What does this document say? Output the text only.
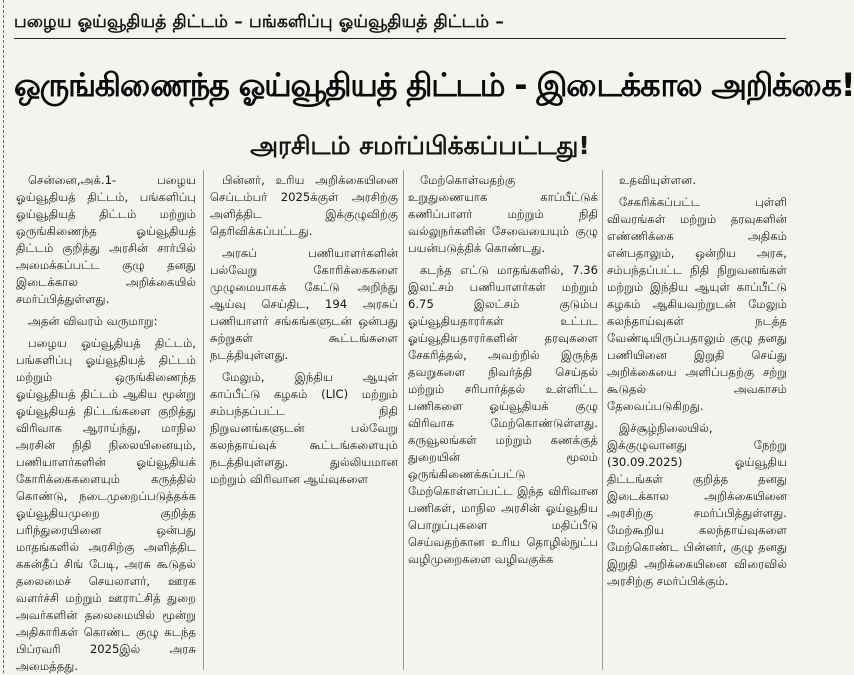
பழைய ஓய்வூதியத் திட்டம் – பங்களிப்பு ஓய்வூதியத் திட்டம் –
ஒருங்கிணைந்த ஓய்வூதியத் திட்டம் - இடைக்கால அறிக்கை!
அரசிடம் சமர்ப்பிக்கப்பட்டது!

சென்னை,அக்.1- பழைய ஓய்வூதியத் திட்டம், பங்களிப்பு ஓய்வூதியத் திட்டம் மற்றும் ஒருங்கிணைந்த ஓய்வூதியத் திட்டம் குறித்து அரசின் சார்பில் அமைக்கப்பட்ட குழு தனது இடைக்கால அறிக்கையில் சமர்ப்பித்துள்ளது.

அதன் விவரம் வருமாறு:

பழைய ஓய்வூதியத் திட்டம், பங்களிப்பு ஓய்வூதியத் திட்டம் மற்றும் ஒருங்கிணைந்த ஓய்வூதியத் திட்டம் ஆகிய மூன்று ஓய்வூதியத் திட்டங்களை குறித்து விரிவாக ஆராய்ந்து, மாநில அரசின் நிதி நிலையினையும், பணியாளர்களின் ஓய்வூதியக் கோரிக்கைகளையும் கருத்தில் கொண்டு, நடைமுறைப்படுத்தக்க ஓய்வூதியமுறை குறித்த பரிந்துரையினை ஒன்பது மாதங்களில் அரசிற்கு அளித்திட ககன்தீப் சிங் பேடி, அரசு கூடுதல் தலைமைச் செயலாளர், ஊரக வளர்ச்சி மற்றும் ஊராட்சித் துறை அவர்களின் தலைமையில் மூன்று அதிகாரிகள் கொண்ட குழு கடந்த பிப்ரவரி 2025இல் அரசு அமைத்தது.

பின்னர், உரிய அறிக்கையினை செப்டம்பர் 2025க்குள் அரசிற்கு அளித்திட இக்குழுவிற்கு தெரிவிக்கப்பட்டது.

அரசுப் பணியாளர்களின் பல்வேறு கோரிக்கைகளை முழுமையாகக் கேட்டு அறிந்து ஆய்வு செய்திட, 194 அரசுப் பணியாளர் சங்கங்களுடன் ஒன்பது சுற்றுகள் கூட்டங்களை நடத்தியுள்ளது.

மேலும், இந்திய ஆயுள் காப்பீட்டு கழகம் (LIC) மற்றும் சம்பந்தப்பட்ட நிதி நிறுவனங்களுடன் பல்வேறு கலந்தாய்வுக் கூட்டங்களையும் நடத்தியுள்ளது. துல்லியமான மற்றும் விரிவான ஆய்வுகளை

மேற்கொள்வதற்கு உறுதுணையாக காப்பீட்டுக் கணிப்பாளர் மற்றும் நிதி வல்லுநர்களின் சேவையையும் குழு பயன்படுத்திக் கொண்டது.

கடந்த எட்டு மாதங்களில், 7.36 இலட்சம் பணியாளர்கள் மற்றும் 6.75 இலட்சம் குடும்ப ஓய்வூதியதாரர்கள் உட்பட ஓய்வூதியதாரர்களின் தரவுகளை சேகரித்தல், அவற்றில் இருந்த தவறுகளை நிவர்த்தி செய்தல் மற்றும் சரிபார்த்தல் உள்ளிட்ட பணிகளை ஓய்வூதியக் குழு விரிவாக மேற்கொண்டுள்ளது. கருவூலங்கள் மற்றும் கணக்குத் துறையின் மூலம் ஒருங்கிணைக்கப்பட்டு மேற்கொள்ளப்பட்ட இந்த விரிவான பணிகள், மாநில அரசின் ஓய்வூதிய பொறுப்புகளை மதிப்பீடு செய்வதற்கான உரிய தொழில்நுட்ப வழிமுறைகளை வழிவகுக்க

உதவியுள்ளன.

சேகரிக்கப்பட்ட புள்ளி விவரங்கள் மற்றும் தரவுகளின் எண்ணிக்கை அதிகம் என்பதாலும், ஒன்றிய அரசு, சம்பந்தப்பட்ட நிதி நிறுவனங்கள் மற்றும் இந்திய ஆயுள் காப்பீட்டு கழகம் ஆகியவற்றுடன் மேலும் கலந்தாய்வுகள் நடத்த வேண்டியிருப்பதாலும் குழு தனது பணியினை இறுதி செய்து அறிக்கையை அளிப்பதற்கு சற்று கூடுதல் அவகாசம் தேவைப்படுகிறது.

இச்சூழ்நிலையில், இக்குழுவானது நேற்று (30.09.2025) ஓய்வூதிய திட்டங்கள் குறித்த தனது இடைக்கால அறிக்கையினை அரசிற்கு சமர்ப்பித்துள்ளது. மேற்கூறிய கலந்தாய்வுகளை மேற்கொண்ட பின்னர், குழு தனது இறுதி அறிக்கையினை விரைவில் அரசிற்கு சமர்ப்பிக்கும்.
